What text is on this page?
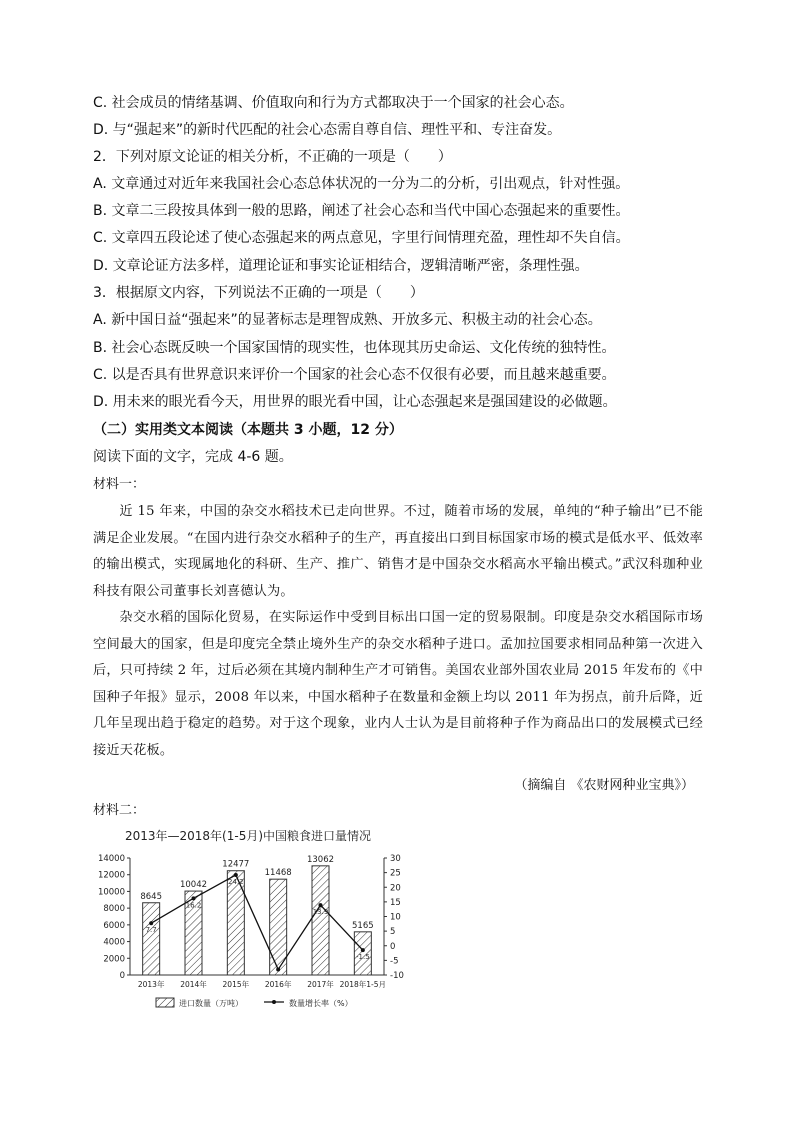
C. 社会成员的情绪基调、价值取向和行为方式都取决于一个国家的社会心态。
D. 与“强起来”的新时代匹配的社会心态需自尊自信、理性平和、专注奋发。
2．下列对原文论证的相关分析，不正确的一项是（　　）
A. 文章通过对近年来我国社会心态总体状况的一分为二的分析，引出观点，针对性强。
B. 文章二三段按具体到一般的思路，阐述了社会心态和当代中国心态强起来的重要性。
C. 文章四五段论述了使心态强起来的两点意见，字里行间情理充盈，理性却不失自信。
D. 文章论证方法多样，道理论证和事实论证相结合，逻辑清晰严密，条理性强。
3．根据原文内容，下列说法不正确的一项是（　　）
A. 新中国日益“强起来”的显著标志是理智成熟、开放多元、积极主动的社会心态。
B. 社会心态既反映一个国家国情的现实性，也体现其历史命运、文化传统的独特性。
C. 以是否具有世界意识来评价一个国家的社会心态不仅很有必要，而且越来越重要。
D. 用未来的眼光看今天，用世界的眼光看中国，让心态强起来是强国建设的必做题。
（二）实用类文本阅读（本题共 3 小题，12 分）
阅读下面的文字，完成 4-6 题。
材料一：

近 15 年来，中国的杂交水稻技术已走向世界。不过，随着市场的发展，单纯的“种子输出”已不能满足企业发展。“在国内进行杂交水稻种子的生产，再直接出口到目标国家市场的模式是低水平、低效率的输出模式，实现属地化的科研、生产、推广、销售才是中国杂交水稻高水平输出模式。”武汉科珈种业科技有限公司董事长刘喜德认为。

杂交水稻的国际化贸易，在实际运作中受到目标出口国一定的贸易限制。印度是杂交水稻国际市场空间最大的国家，但是印度完全禁止境外生产的杂交水稻种子进口。孟加拉国要求相同品种第一次进入后，只可持续 2 年，过后必须在其境内制种生产才可销售。美国农业部外国农业局 2015 年发布的《中国种子年报》显示，2008 年以来，中国水稻种子在数量和金额上均以 2011 年为拐点，前升后降，近几年呈现出趋于稳定的趋势。对于这个现象，业内人士认为是目前将种子作为商品出口的发展模式已经接近天花板。

（摘编自 《农财网种业宝典》）
材料二：
2013年—2018年(1-5月)中国粮食进口量情况
0
2000
4000
6000
8000
10000
12000
14000
-10
-5
0
5
10
15
20
25
30
8645
2013年
10042
2014年
12477
2015年
11468
2016年
13062
2017年
5165
2018年1-5月
7.7
16.2
24.2
13.9
-1.5
进口数量（万吨）	数量增长率（%）
